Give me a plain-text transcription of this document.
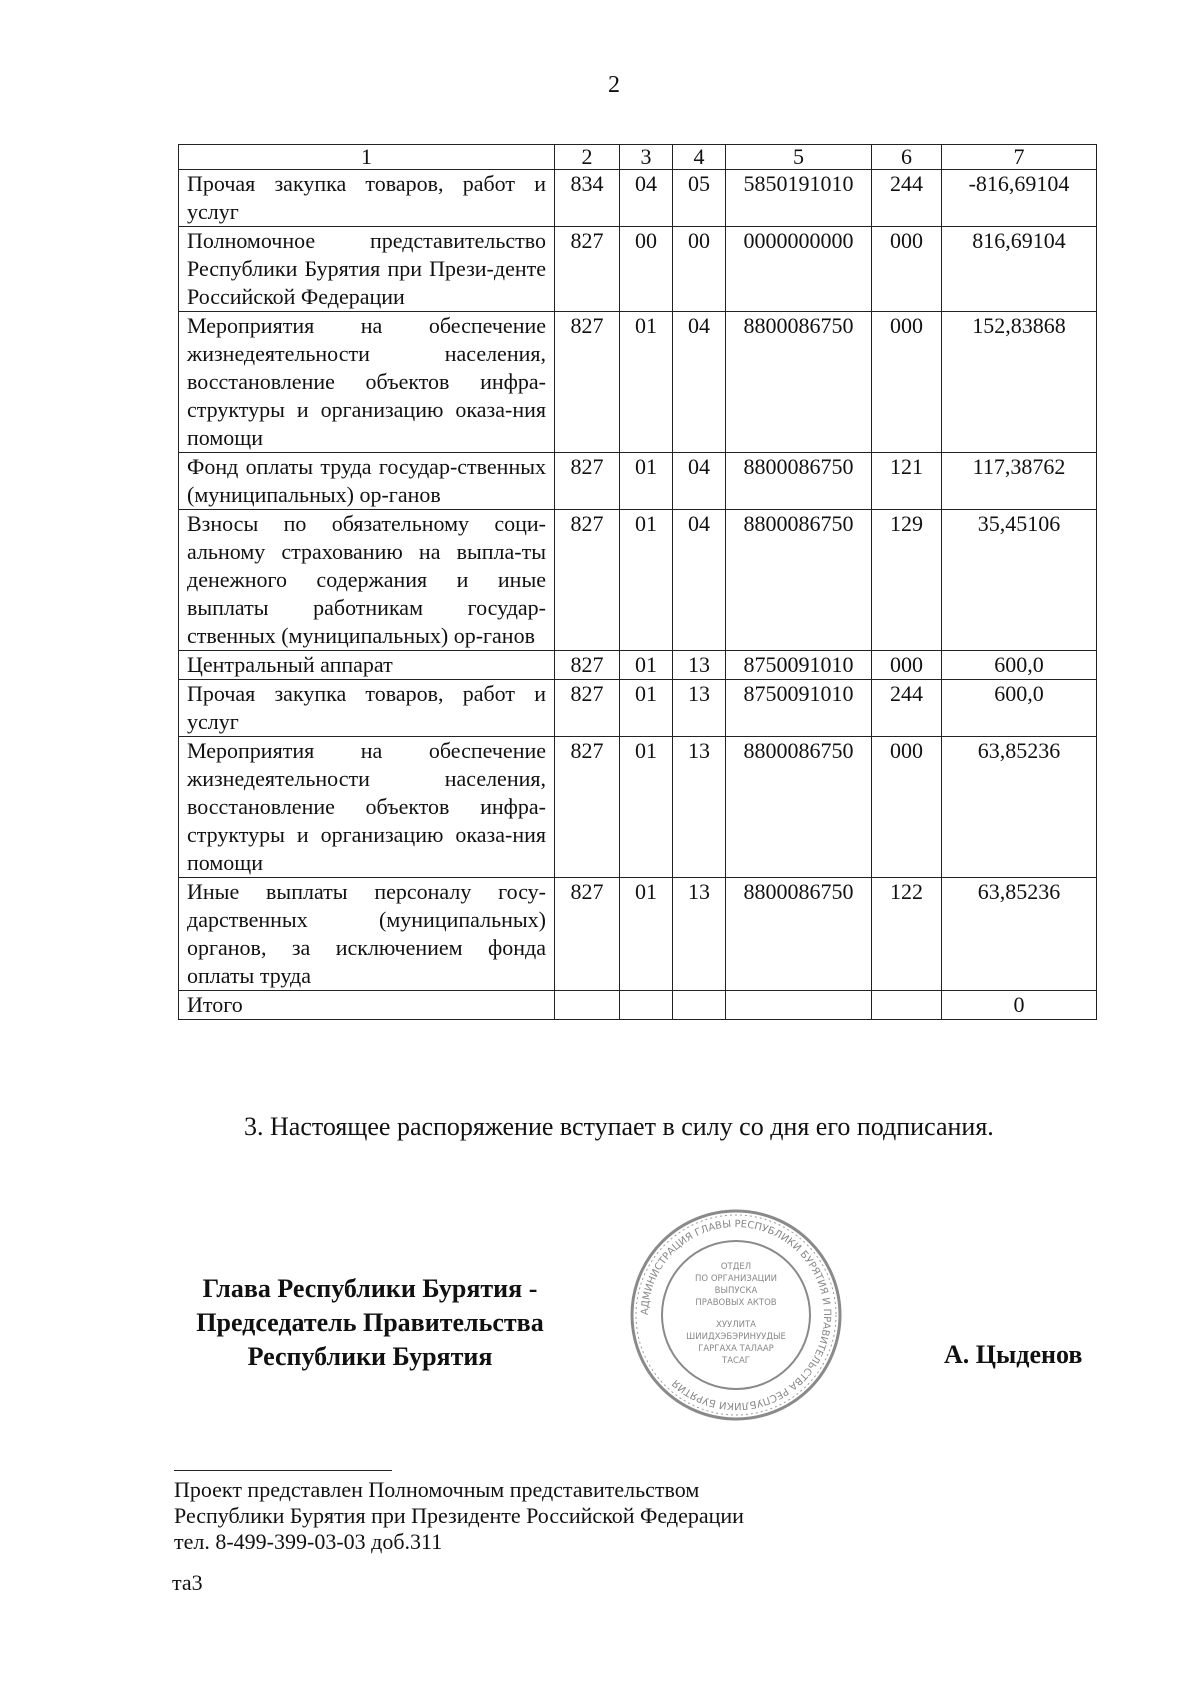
2
1	2	3	4	5	6	7
Прочая закупка товаров, работ и услуг	834	04	05	5850191010	244	-816,69104
Полномочное представительство Республики Бурятия при Прези-денте Российской Федерации	827	00	00	0000000000	000	816,69104
Мероприятия на обеспечение жизнедеятельности населения, восстановление объектов инфра-структуры и организацию оказа-ния помощи	827	01	04	8800086750	000	152,83868
Фонд оплаты труда государ-ственных (муниципальных) ор-ганов	827	01	04	8800086750	121	117,38762
Взносы по обязательному соци-альному страхованию на выпла-ты денежного содержания и иные выплаты работникам государ-ственных (муниципальных) ор-ганов	827	01	04	8800086750	129	35,45106
Центральный аппарат	827	01	13	8750091010	000	600,0
Прочая закупка товаров, работ и услуг	827	01	13	8750091010	244	600,0
Мероприятия на обеспечение жизнедеятельности населения, восстановление объектов инфра-структуры и организацию оказа-ния помощи	827	01	13	8800086750	000	63,85236
Иные выплаты персоналу госу-дарственных (муниципальных) органов, за исключением фонда оплаты труда	827	01	13	8800086750	122	63,85236
Итого						0
3. Настоящее распоряжение вступает в силу со дня его подписания.
Глава Республики Бурятия -
Председатель Правительства
Республики Бурятия
АДМИНИСТРАЦИЯ ГЛАВЫ РЕСПУБЛИКИ БУРЯТИЯ И ПРАВИТЕЛЬСТВА РЕСПУБЛИКИ БУРЯТИЯ
ОТДЕЛ
ПО ОРГАНИЗАЦИИ
ВЫПУСКА
ПРАВОВЫХ АКТОВ
ХУУЛИТА
ШИИДХЭБЭРИНУУДЫЕ
ГАРГАХА ТАЛААР
ТАСАГ	А. Цыденов
Проект представлен Полномочным представительством
Республики Бурятия при Президенте Российской Федерации
тел. 8-499-399-03-03 доб.311
та3
